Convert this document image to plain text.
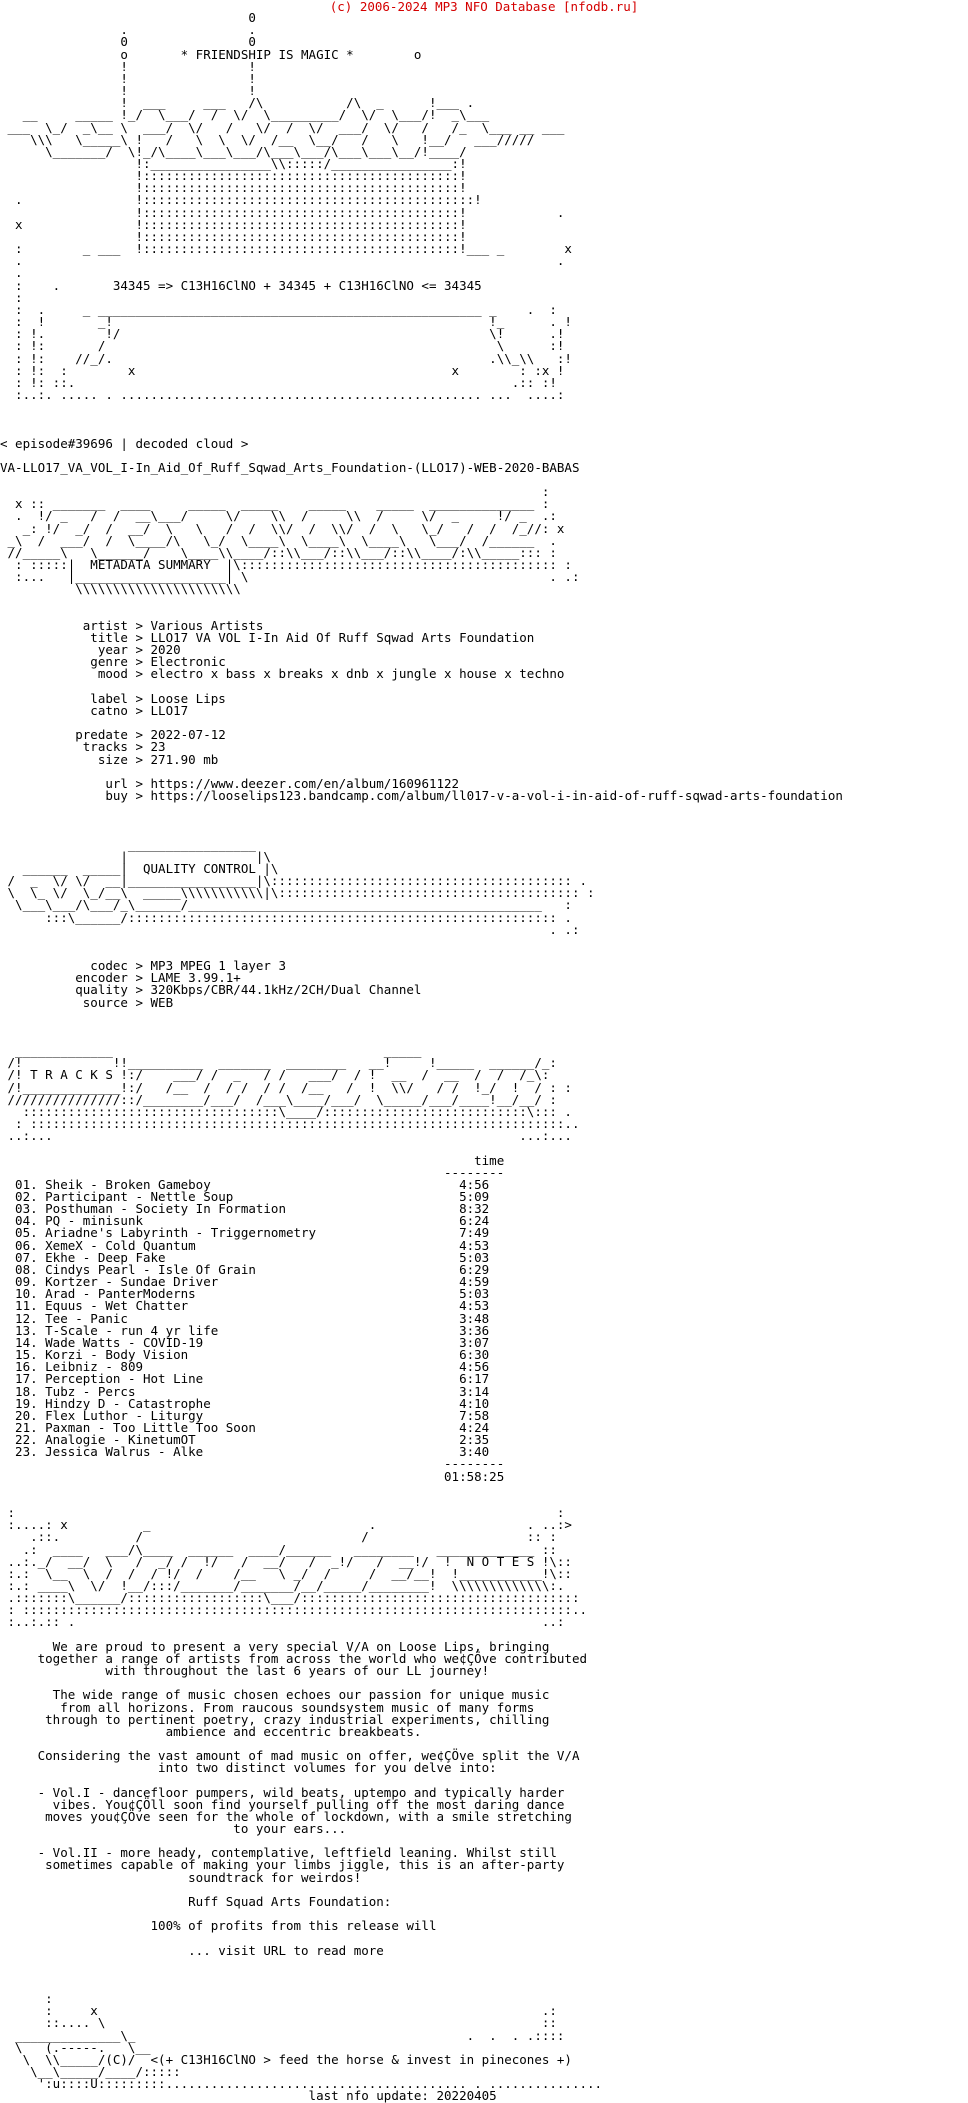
(c) 2006-2024 MP3 NFO Database [nfodb.ru]
0
.                .
0                0
o       * FRIENDSHIP IS MAGIC *        o
!                !
!                !
!                !
!  ___     ___   /\           /\  _      !___ .
__     _____ !_/  \___/  /  \/  \_________/  \/  \___/!  _\___
___  \_/  _\__ \  ___/  \/   /   \/  /  \/  ___/  \/   /   /_  \___ __ ___
\\\   \_____\ !   /   \  \  \/  /__  \__/   /   \   !__/   ___/////
\_______/  \!_/\____\___\___/\___\___/\___\___\__/!____/
!:________________\\:::::/________________:!
!::::::::::::::::::::::::::::::::::::::::::!
!::::::::::::::::::::::::::::::::::::::::::!
.               !::::::::::::::::::::::::::::::::::::::::::::!
!::::::::::::::::::::::::::::::::::::::::::!            .
x               !::::::::::::::::::::::::::::::::::::::::::!
!::::::::::::::::::::::::::::::::::::::::::!
:        _ ___  !::::::::::::::::::::::::::::::::::::::::::!___ _        x
.                                                                       .
.
:    .       34345 => C13H16ClNO + 34345 + C13H16ClNO <= 34345
:
:  .     _ ___________________________________________________ _    .  :
:  !       _!                                                  !_      . !
: !.        !/                                                 \!      .!
: !:       /                                                    \      :!
: !:    //_/.                                                  .\\_\\   :!
: !:  :        x                                          x        : :x !
: !: ::.                                                          .:: :!
:..:. ..... . ................................................ ...  ....:
< episode#39696 | decoded cloud >
VA-LLO17_VA_VOL_I-In_Aid_Of_Ruff_Sqwad_Arts_Foundation-(LLO17)-WEB-2020-BABAS
:
x :: _______  ____     _____  _____    _____    _____  ______________ :
.  !/ _   /  /  __\___/     \/    \\  /     \\  /     \/  _     !/ _  .:
_: !/  _/  /  __/  \   \   /  /  \\/  /  \\/  /  \   \_/   /  /  /_//: x
_\  /  ___/  /  \____/\   \_/  \____\  \____\  \____\   \___/  /______  .
//_____\   \______/    \____\\____/::\\___/::\\___/::\\____/:\\_____::: :
: :::::|  METADATA SUMMARY  |\:::::::::::::::::::::::::::::::::::::::::: :
:...   |____________________| \                                        . .:
\\\\\\\\\\\\\\\\\\\\\\
artist > Various Artists
title > LLO17 VA VOL I-In Aid Of Ruff Sqwad Arts Foundation
year > 2020
genre > Electronic
mood > electro x bass x breaks x dnb x jungle x house x techno
label > Loose Lips
catno > LLO17
predate > 2022-07-12
tracks > 23
size > 271.90 mb
url > https://www.deezer.com/en/album/160961122
buy > https://looselips123.bandcamp.com/album/ll017-v-a-vol-i-in-aid-of-ruff-sqwad-arts-foundation
_________________
|                 |\
______  _____|  QUALITY CONTROL |\
/  _  \/ \/  __|_________________|\:::::::::::::::::::::::::::::::::::::::: .
\  \_ \/  \_/__\  _____\\\\\\\\\\\|\:::::::::::::::::::::::::::::::::::::::: :
\___\___/\___/_\______/_______________________________________________   :
:::\______/::::::::::::::::::::::::::::::::::::::::::::::::::::::::: .
. .:
codec > MP3 MPEG 1 layer 3
encoder > LAME 3.99.1+
quality > 320Kbps/CBR/44.1kHz/2CH/Dual Channel
source > WEB
_____________                                    _____
/!            !!__________  _______  ________   __!     !_____  ______/_:
/! T R A C K S !:/    ___/ /  _   / /   ___/  / !  __  /  __  /  /  /_\:
/!_____________!:/   /__  /  / /  / /  /__   /  !  \\/   / /  !_/  !  / : :
///////////////::/________/___/  /___\____/___/  \_____/___/____!__/__/ :
::::::::::::::::::::::::::::::::::\____/:::::::::::::::::::::::::::\::: .
: :::::::::::::::::::::::::::::::::::::::::::::::::::::::::::::::::::::::..
..:...                                                              ...:...
time
--------
01. Sheik - Broken Gameboy                                 4:56
02. Participant - Nettle Soup                              5:09
03. Posthuman - Society In Formation                       8:32
04. PQ - minisunk                                          6:24
05. Ariadne's Labyrinth - Triggernometry                   7:49
06. XemeX - Cold Quantum                                   4:53
07. Ekhe - Deep Fake                                       5:03
08. Cindys Pearl - Isle Of Grain                           6:29
09. Kortzer - Sundae Driver                                4:59
10. Arad - PanterModerns                                   5:03
11. Equus - Wet Chatter                                    4:53
12. Tee - Panic                                            3:48
13. T-Scale - run 4 yr life                                3:36
14. Wade Watts - COVID-19                                  3:07
15. Korzi - Body Vision                                    6:30
16. Leibniz - 809                                          4:56
17. Perception - Hot Line                                  6:17
18. Tubz - Percs                                           3:14
19. Hindzy D - Catastrophe                                 4:10
20. Flex Luthor - Liturgy                                  7:58
21. Paxman - Too Little Too Soon                           4:24
22. Analogie - KinetumOT                                   2:35
23. Jessica Walrus - Alke                                  3:40
--------
01:58:25
:                                                                        :
:....: x          _                             .                    . ..:>
.::.          /                             /                     :: :
.:  ____   ___/\____  ______  ____/______   ________   _____________ ::
..:._/  __/  \   /  _/ /  !/   /  __/   /  _!/   /  __!/  !  N O T E S !\::
:.:  \__  \  /  /  / !/  /    /__   \ _/  /     /  __/__!  !___________!\::
:.: ____\  \/  !__/:::/_______/_______/__/_____/________!  \\\\\\\\\\\\\:.
.:::::::\______/::::::::::::::::::\___/:::::::::::::::::::::::::::::::::::::
: :::::::::::::::::::::::::::::::::::::::::::::::::::::::::::::::::::::::::..
:..:.:: .                                                              ..:
We are proud to present a very special V/A on Loose Lips, bringing
together a range of artists from across the world who we¢ÇÖve contributed
with throughout the last 6 years of our LL journey!
The wide range of music chosen echoes our passion for unique music
from all horizons. From raucous soundsystem music of many forms
through to pertinent poetry, crazy industrial experiments, chilling
ambience and eccentric breakbeats.
Considering the vast amount of mad music on offer, we¢ÇÖve split the V/A
into two distinct volumes for you delve into:
- Vol.I - dancefloor pumpers, wild beats, uptempo and typically harder
vibes. You¢ÇÖll soon find yourself pulling off the most daring dance
moves you¢ÇÖve seen for the whole of lockdown, with a smile stretching
to your ears...
- Vol.II - more heady, contemplative, leftfield leaning. Whilst still
sometimes capable of making your limbs jiggle, this is an after-party
soundtrack for weirdos!
Ruff Squad Arts Foundation:
100% of profits from this release will
... visit URL to read more
:
:     x                                                           .:
::.... \                                                          ::
______________\_                                            .  .  . .::::
\   (.-----.   \__
\  \\_____/(C)/  <(+ C13H16ClNO > feed the horse & invest in pinecones +)
\__\_____/____/:::::
':u::::U:::::::::........................................ . ...............
last nfo update: 20220405
